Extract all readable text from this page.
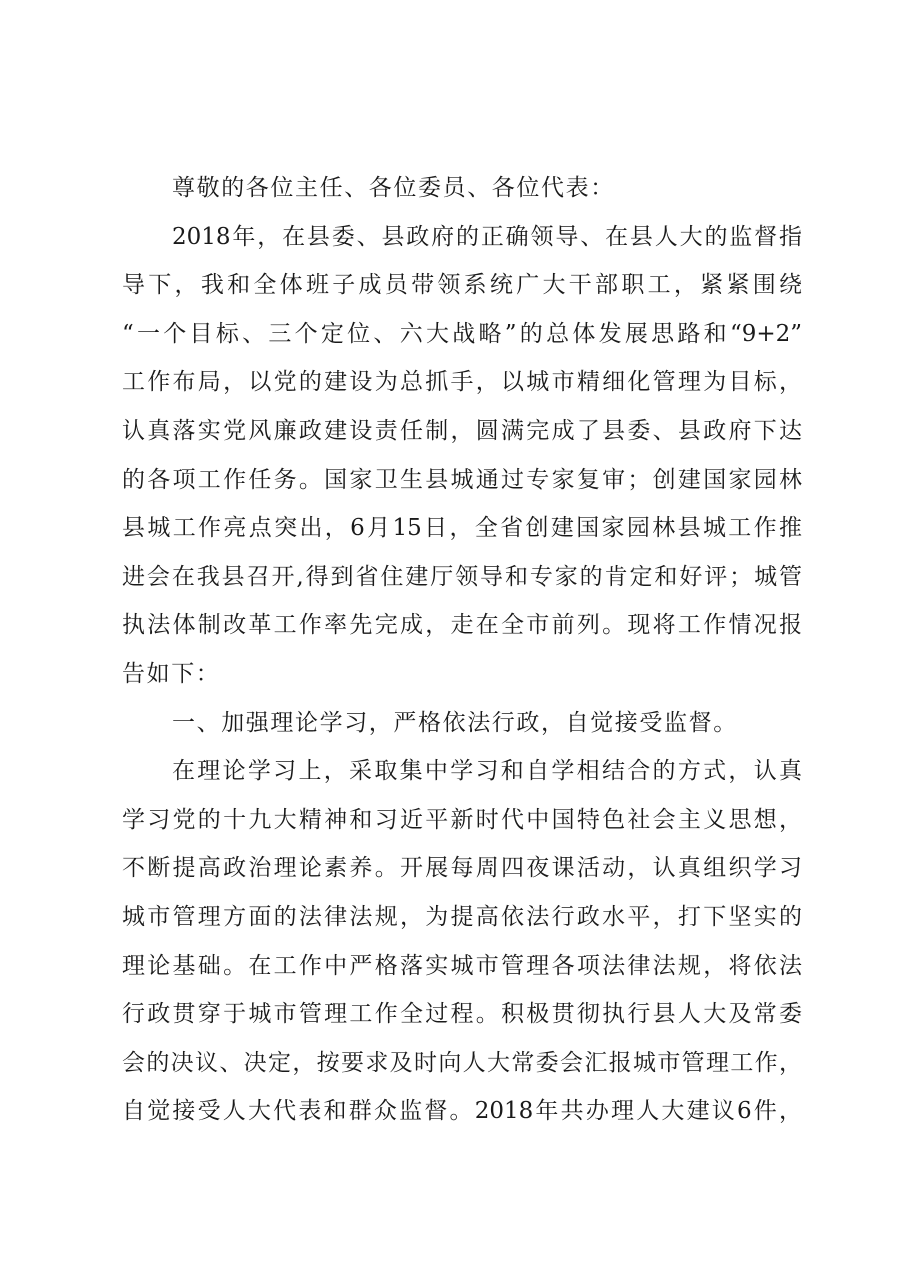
尊敬的各位主任、各位委员、各位代表：
2018年，在县委、县政府的正确领导、在县人大的监督指
导下，我和全体班子成员带领系统广大干部职工，紧紧围绕
“一个目标、三个定位、六大战略”的总体发展思路和“9+2”
工作布局，以党的建设为总抓手，以城市精细化管理为目标，
认真落实党风廉政建设责任制，圆满完成了县委、县政府下达
的各项工作任务。国家卫生县城通过专家复审；创建国家园林
县城工作亮点突出，6月15日，全省创建国家园林县城工作推
进会在我县召开,得到省住建厅领导和专家的肯定和好评；城管
执法体制改革工作率先完成，走在全市前列。现将工作情况报
告如下：
一、加强理论学习，严格依法行政，自觉接受监督。
在理论学习上，采取集中学习和自学相结合的方式，认真
学习党的十九大精神和习近平新时代中国特色社会主义思想，
不断提高政治理论素养。开展每周四夜课活动，认真组织学习
城市管理方面的法律法规，为提高依法行政水平，打下坚实的
理论基础。在工作中严格落实城市管理各项法律法规，将依法
行政贯穿于城市管理工作全过程。积极贯彻执行县人大及常委
会的决议、决定，按要求及时向人大常委会汇报城市管理工作，
自觉接受人大代表和群众监督。2018年共办理人大建议6件，
